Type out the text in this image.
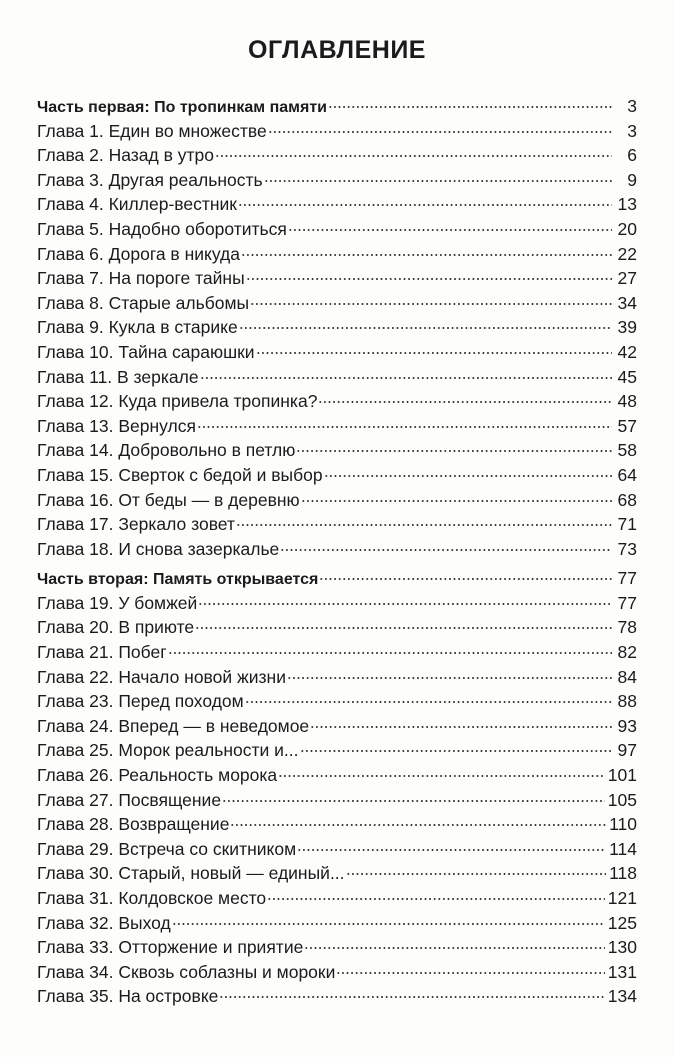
ОГЛАВЛЕНИЕ
Часть первая: По тропинкам памяти	3
Глава 1. Един во множестве	3
Глава 2. Назад в утро	6
Глава 3. Другая реальность	9
Глава 4. Киллер-вестник	13
Глава 5. Надобно оборотиться	20
Глава 6. Дорога в никуда	22
Глава 7. На пороге тайны	27
Глава 8. Старые альбомы	34
Глава 9. Кукла в старике	39
Глава 10. Тайна сараюшки	42
Глава 11. В зеркале	45
Глава 12. Куда привела тропинка?	48
Глава 13. Вернулся	57
Глава 14. Добровольно в петлю	58
Глава 15. Сверток с бедой и выбор	64
Глава 16. От беды — в деревню	68
Глава 17. Зеркало зовет	71
Глава 18. И снова зазеркалье	73
Часть вторая: Память открывается	77
Глава 19. У бомжей	77
Глава 20. В приюте	78
Глава 21. Побег	82
Глава 22. Начало новой жизни	84
Глава 23. Перед походом	88
Глава 24. Вперед — в неведомое	93
Глава 25. Морок реальности и...	97
Глава 26. Реальность морока	101
Глава 27. Посвящение	105
Глава 28. Возвращение	110
Глава 29. Встреча со скитником	114
Глава 30. Старый, новый — единый...	118
Глава 31. Колдовское место	121
Глава 32. Выход	125
Глава 33. Отторжение и приятие	130
Глава 34. Сквозь соблазны и мороки	131
Глава 35. На островке	134
